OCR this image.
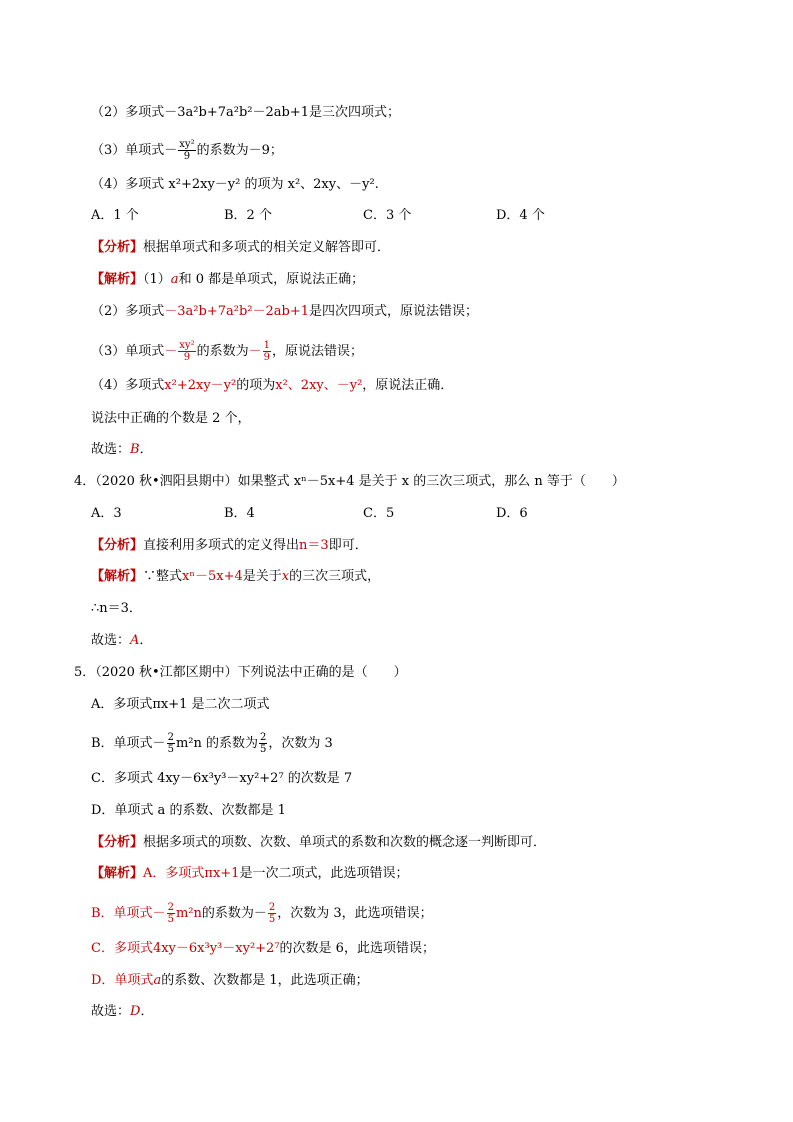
（2）多项式－3a²b+7a²b²－2ab+1是三次四项式；
（3）单项式－ $\frac{\text{xy²}}{9}$ 的系数为－9；
（4）多项式 x²+2xy－y² 的项为 x²、2xy、－y².
A．1 个	B．2 个	C．3 个	D．4 个
【分析】根据单项式和多项式的相关定义解答即可．
【解析】（1）a和 0 都是单项式，原说法正确；
（2）多项式－3a²b+7a²b²－2ab+1是四次四项式，原说法错误；
（3）单项式－ $\frac{\text{xy²}}{9}$ 的系数为－ $\frac{1}{9}$ ，原说法错误；
（4）多项式x²+2xy－y²的项为x²、2xy、－y²，原说法正确．
说法中正确的个数是 2 个，
故选：B．
4．（2020 秋•泗阳县期中）如果整式 xⁿ－5x+4 是关于 x 的三次三项式，那么 n 等于（　　）
A．3	B．4	C．5	D．6
【分析】直接利用多项式的定义得出n＝3即可．
【解析】∵整式xⁿ－5x+4是关于x的三次三项式，
∴n＝3．
故选：A．
5．（2020 秋•江都区期中）下列说法中正确的是（　　）
A．多项式πx+1 是二次二项式
B．单项式－ $\frac{2}{5} m^2n$ 的系数为 $\frac{2}{5}$ ，次数为 3
C．多项式 4xy－6x³y³－xy²+2⁷ 的次数是 7
D．单项式 a 的系数、次数都是 1
【分析】根据多项式的项数、次数、单项式的系数和次数的概念逐一判断即可．
【解析】A．多项式πx+1是一次二项式，此选项错误；
B．单项式－ $\frac{2}{5} m^2n$的系数为－ $\frac{2}{5}$ ，次数为 3，此选项错误；
C．多项式4xy－6x³y³－xy²+2⁷的次数是 6，此选项错误；
D．单项式a的系数、次数都是 1，此选项正确；
故选：D．
